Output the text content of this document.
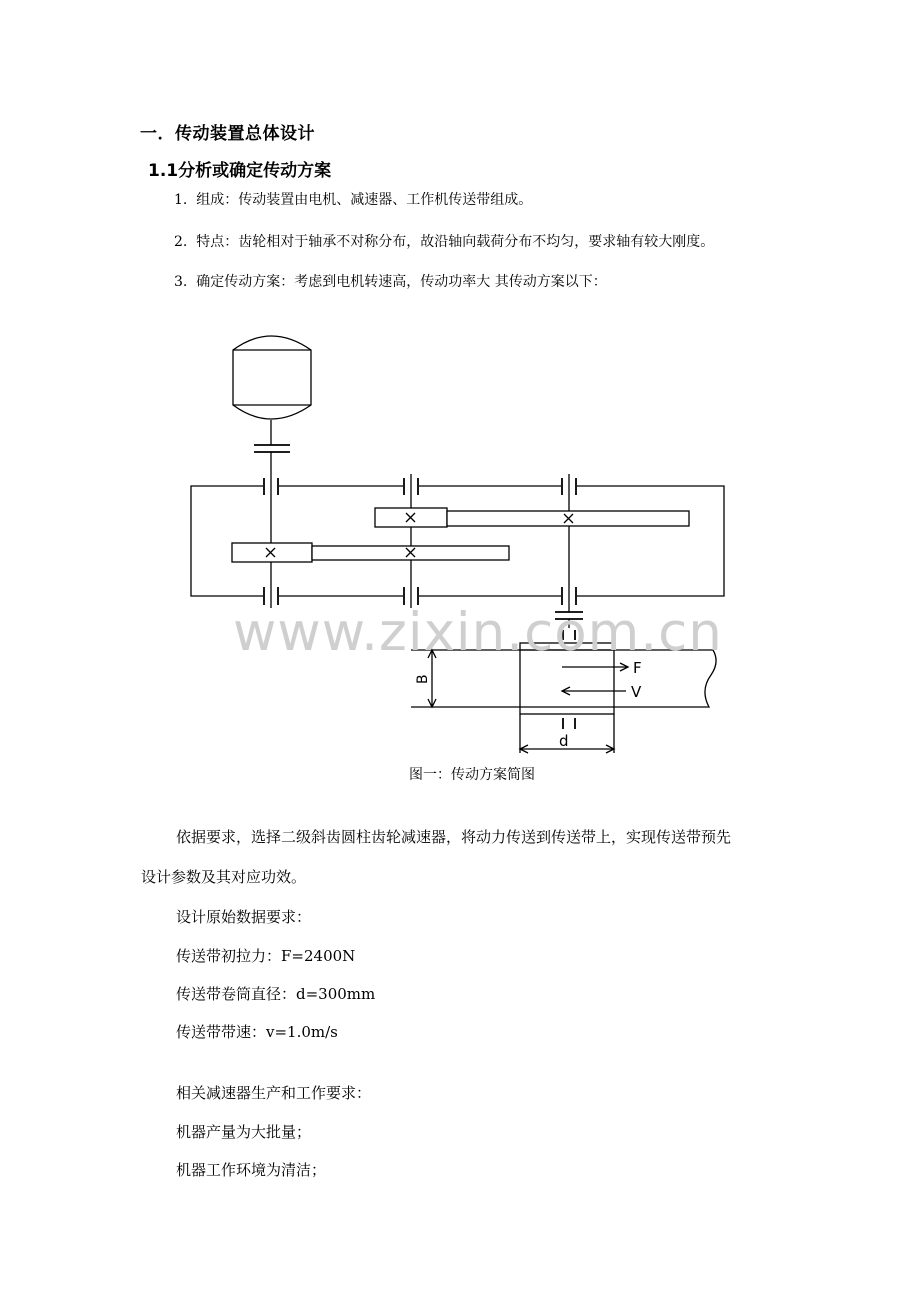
一．传动装置总体设计
1.1分析或确定传动方案
1. 组成：传动装置由电机、减速器、工作机传送带组成。
2. 特点：齿轮相对于轴承不对称分布，故沿轴向载荷分布不均匀，要求轴有较大刚度。
3. 确定传动方案：考虑到电机转速高，传动功率大 其传动方案以下：
F
V
B
d
www.zixin.com.cn
图一：传动方案简图
依据要求，选择二级斜齿圆柱齿轮减速器，将动力传送到传送带上，实现传送带预先
设计参数及其对应功效。
设计原始数据要求：
传送带初拉力：F=2400N
传送带卷筒直径：d=300mm
传送带带速：v=1.0m/s
相关减速器生产和工作要求：
机器产量为大批量；
机器工作环境为清洁；
